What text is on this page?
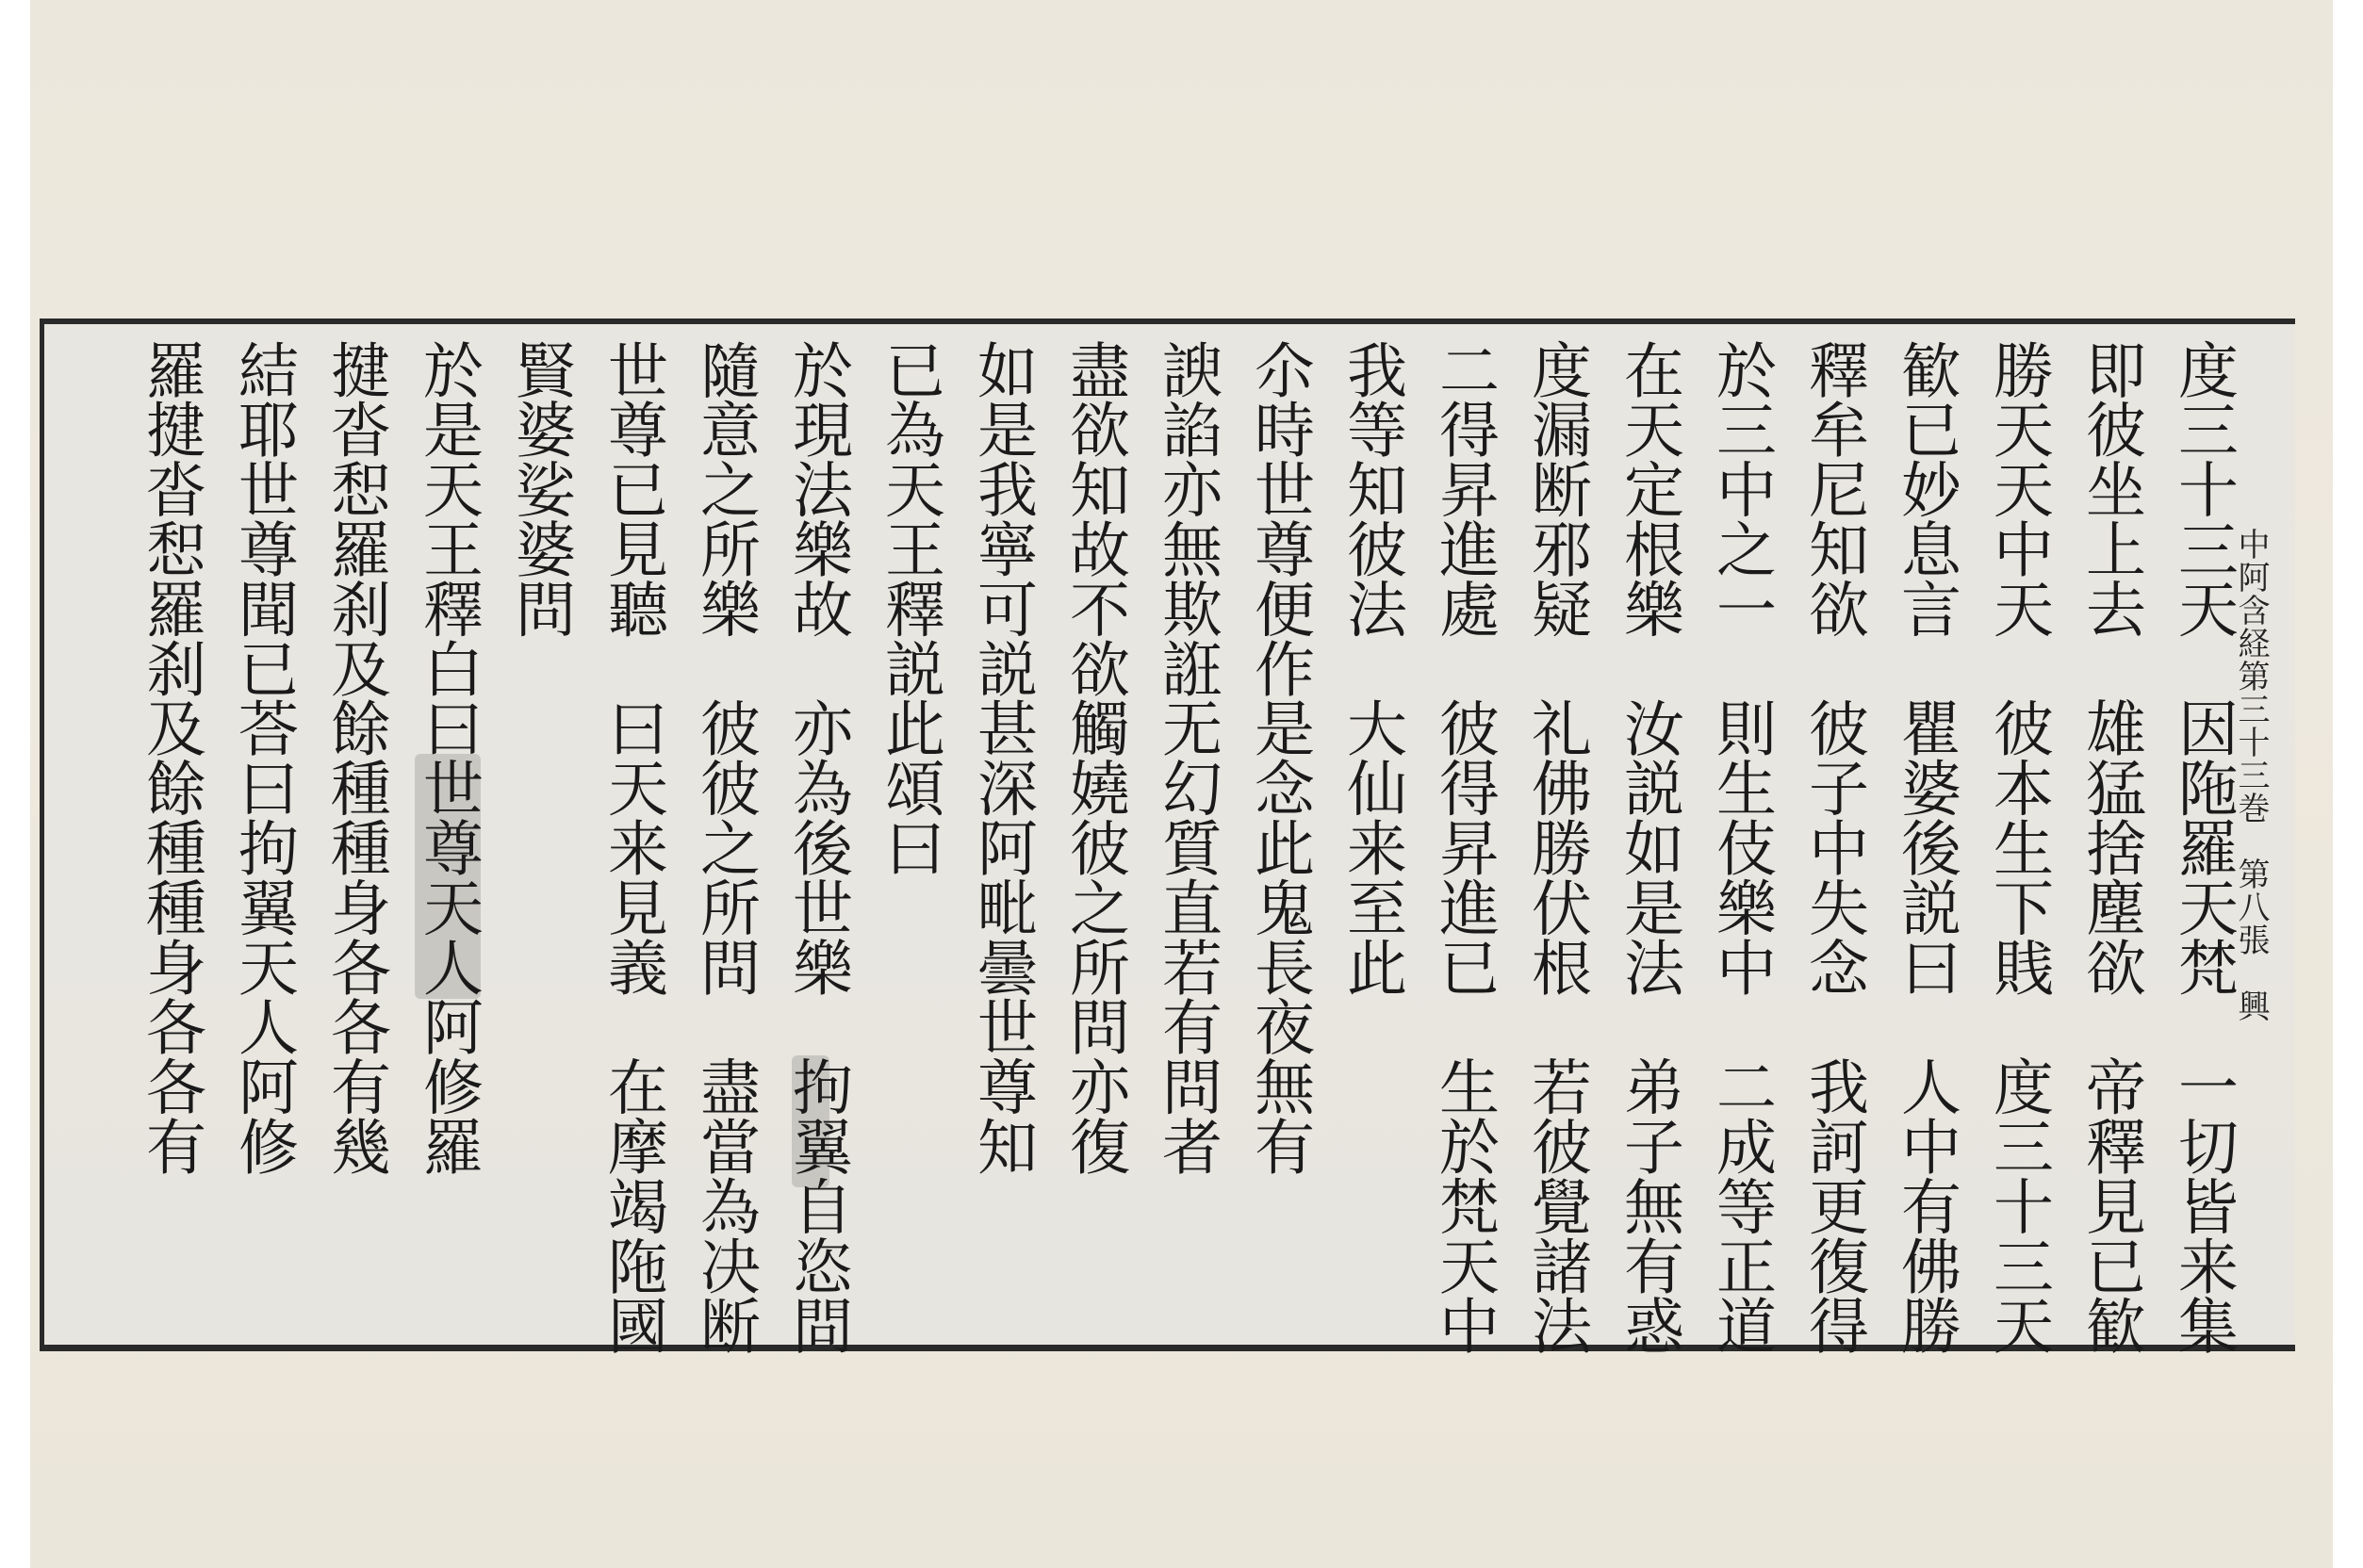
中阿含経第三十三巻　第八張　興
度三十三天　因陁羅天梵　一切皆来集
即彼坐上去　雄猛捨塵欲　帝釋見已歓
勝天天中天　彼本生下賎　度三十三天
歓已妙息言　瞿婆後説曰　人中有佛勝
釋牟尼知欲　彼子中失念　我訶更復得
於三中之一　則生伎樂中　二成等正道
在天定根樂　汝説如是法　弟子無有惑
度漏断邪疑　礼佛勝伏根　若彼覺諸法
二得昇進處　彼得昇進已　生於梵天中
我等知彼法　大仙来至此
尒時世尊便作是念此鬼長夜無有
諛諂亦無欺誑无幻質直若有問者
盡欲知故不欲觸嬈彼之所問亦復
如是我寧可説甚深阿毗曇世尊知
已為天王釋説此頌曰
於現法樂故　亦為後世樂　拘翼自恣問
隨意之所樂　彼彼之所問　盡當為决断
世尊已見聽　曰天来見義　在摩竭陁國
賢婆娑婆問
於是天王釋白曰世尊天人阿修羅
揵沓惒羅刹及餘種種身各各有幾
結耶世尊聞已荅曰拘翼天人阿修
羅揵沓惒羅刹及餘種種身各各有
